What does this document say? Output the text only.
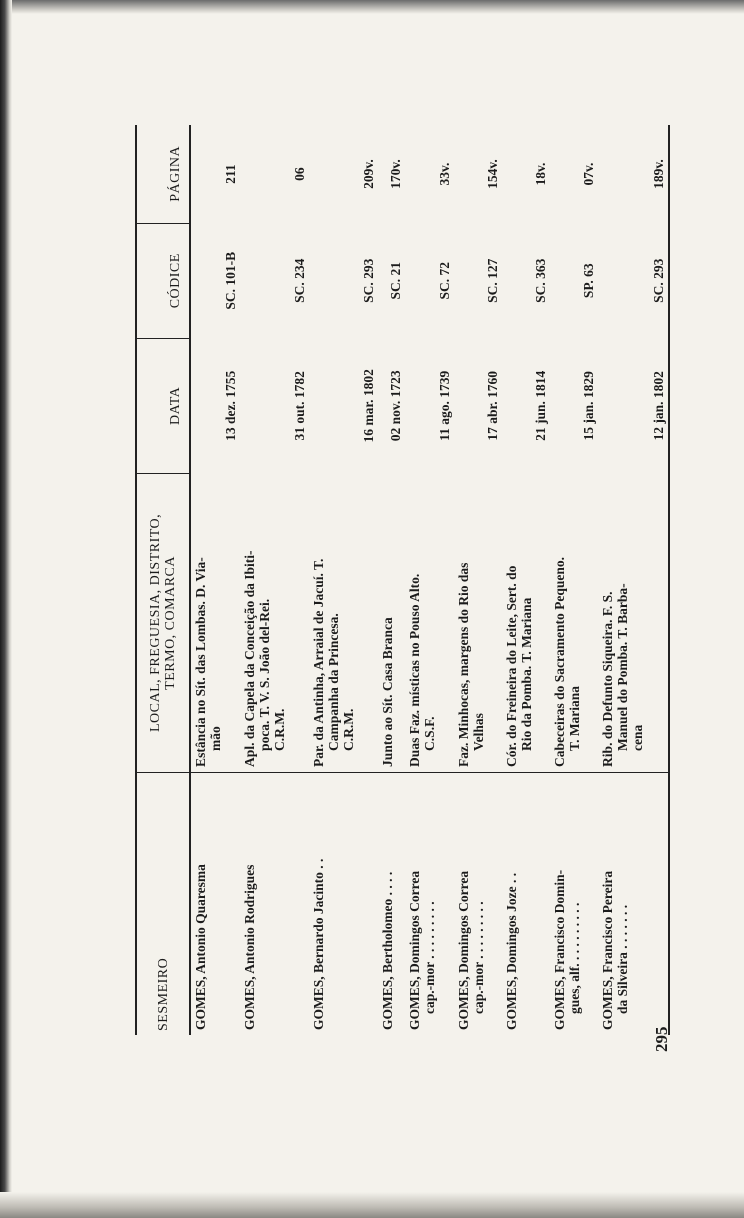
SESMEIRO	LOCAL, FREGUESIA, DISTRITO, TERMO, COMARCA	DATA	CÓDICE	PÁGINA

GOMES, Antonio Quaresma	Estância no Sít. das Lombas. D. Via- mão	13 dez. 1755	SC. 101-B	211

GOMES, Antonio Rodrigues	Apl. da Capela da Conceição da Ibiti- poca. T. V. S. João del-Rei. C.R.M.	31 out. 1782	SC. 234	06

GOMES, Bernardo Jacinto . .	Par. da Antinha, Arraial de Jacuí. T. Campanha da Princesa. C.R.M.	16 mar. 1802	SC. 293	209v.

GOMES, Bertholomeo . . . .	Junto ao Sít. Casa Branca	02 nov. 1723	SC. 21	170v.

GOMES, Domingos Correa cap.-mor . . . . . . . . .	Duas Faz. místicas no Pouso Alto. C.S.F.	11 ago. 1739	SC. 72	33v.

GOMES, Domingos Correa cap.-mor . . . . . . . . .	Faz. Minhocas, margens do Rio das Velhas	17 abr. 1760	SC. 127	154v.

GOMES, Domingos Joze . .	Cór. do Freineira do Leite, Sert. do Rio da Pomba. T. Mariana	21 jun. 1814	SC. 363	18v.

GOMES, Francisco Domin- gues, alf. . . . . . . . . .	Cabeceiras do Sacramento Pequeno. T. Mariana	15 jan. 1829	SP. 63	07v.

GOMES, Francisco Pereira da Silveira . . . . . . .	Rib. do Defunto Siqueira. F. S. Manuel do Pomba. T. Barba- cena	12 jan. 1802	SC. 293	189v.
295
